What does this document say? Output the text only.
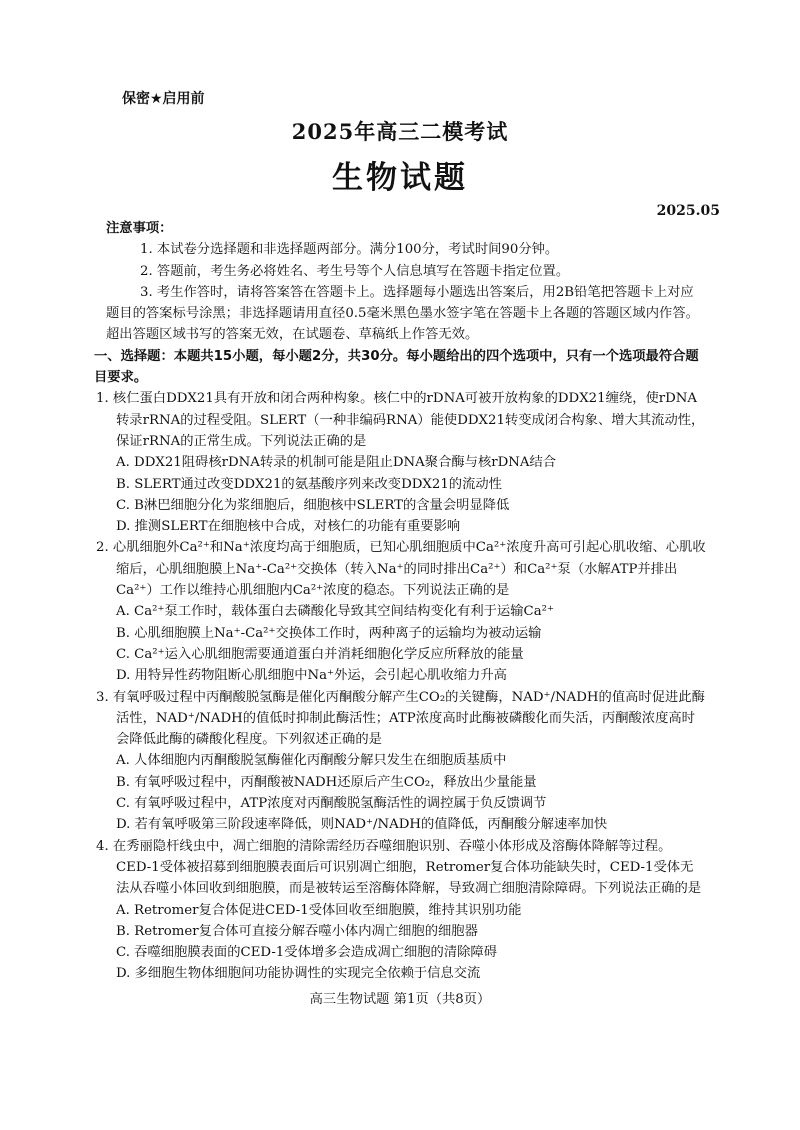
保密★启用前
2025年高三二模考试
生物试题
2025.05

注意事项：

1. 本试卷分选择题和非选择题两部分。满分100分，考试时间90分钟。

2. 答题前，考生务必将姓名、考生号等个人信息填写在答题卡指定位置。

3. 考生作答时，请将答案答在答题卡上。选择题每小题选出答案后，用2B铅笔把答题卡上对应题目的答案标号涂黑；非选择题请用直径0.5毫米黑色墨水签字笔在答题卡上各题的答题区域内作答。超出答题区域书写的答案无效，在试题卷、草稿纸上作答无效。

一、选择题：本题共15小题，每小题2分，共30分。每小题给出的四个选项中，只有一个选项最符合题目要求。

1. 核仁蛋白DDX21具有开放和闭合两种构象。核仁中的rDNA可被开放构象的DDX21缠绕，使rDNA转录rRNA的过程受阻。SLERT（一种非编码RNA）能使DDX21转变成闭合构象、增大其流动性，保证rRNA的正常生成。下列说法正确的是

A. DDX21阻碍核rDNA转录的机制可能是阻止DNA聚合酶与核rDNA结合

B. SLERT通过改变DDX21的氨基酸序列来改变DDX21的流动性

C. B淋巴细胞分化为浆细胞后，细胞核中SLERT的含量会明显降低

D. 推测SLERT在细胞核中合成，对核仁的功能有重要影响

2. 心肌细胞外Ca²⁺和Na⁺浓度均高于细胞质，已知心肌细胞质中Ca²⁺浓度升高可引起心肌收缩、心肌收缩后，心肌细胞膜上Na⁺-Ca²⁺交换体（转入Na⁺的同时排出Ca²⁺）和Ca²⁺泵（水解ATP并排出Ca²⁺）工作以维持心肌细胞内Ca²⁺浓度的稳态。下列说法正确的是

A. Ca²⁺泵工作时，载体蛋白去磷酸化导致其空间结构变化有利于运输Ca²⁺

B. 心肌细胞膜上Na⁺-Ca²⁺交换体工作时，两种离子的运输均为被动运输

C. Ca²⁺运入心肌细胞需要通道蛋白并消耗细胞化学反应所释放的能量

D. 用特异性药物阻断心肌细胞中Na⁺外运，会引起心肌收缩力升高

3. 有氧呼吸过程中丙酮酸脱氢酶是催化丙酮酸分解产生CO₂的关键酶，NAD⁺/NADH的值高时促进此酶活性，NAD⁺/NADH的值低时抑制此酶活性；ATP浓度高时此酶被磷酸化而失活，丙酮酸浓度高时会降低此酶的磷酸化程度。下列叙述正确的是

A. 人体细胞内丙酮酸脱氢酶催化丙酮酸分解只发生在细胞质基质中

B. 有氧呼吸过程中，丙酮酸被NADH还原后产生CO₂，释放出少量能量

C. 有氧呼吸过程中，ATP浓度对丙酮酸脱氢酶活性的调控属于负反馈调节

D. 若有氧呼吸第三阶段速率降低，则NAD⁺/NADH的值降低，丙酮酸分解速率加快

4. 在秀丽隐杆线虫中，凋亡细胞的清除需经历吞噬细胞识别、吞噬小体形成及溶酶体降解等过程。CED-1受体被招募到细胞膜表面后可识别凋亡细胞，Retromer复合体功能缺失时，CED-1受体无法从吞噬小体回收到细胞膜，而是被转运至溶酶体降解，导致凋亡细胞清除障碍。下列说法正确的是

A. Retromer复合体促进CED-1受体回收至细胞膜，维持其识别功能

B. Retromer复合体可直接分解吞噬小体内凋亡细胞的细胞器

C. 吞噬细胞膜表面的CED-1受体增多会造成凋亡细胞的清除障碍

D. 多细胞生物体细胞间功能协调性的实现完全依赖于信息交流

高三生物试题 第1页（共8页）
